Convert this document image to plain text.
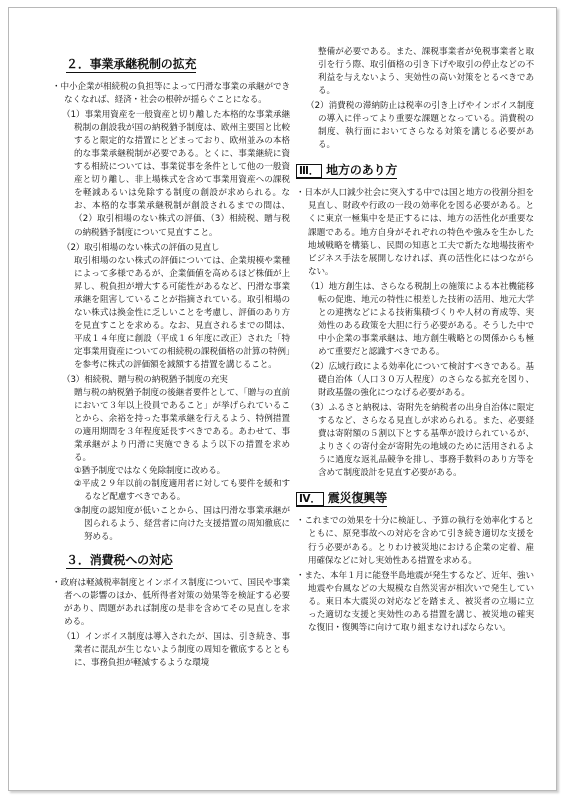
２．事業承継税制の拡充

・中小企業が相続税の負担等によって円滑な事業の承継ができなくなれば、経済・社会の根幹が揺らぐことになる。

（1）事業用資産を一般資産と切り離した本格的な事業承継税制の創設我が国の納税猶予制度は、欧州主要国と比較すると限定的な措置にとどまっており、欧州並みの本格的な事業承継税制が必要である。とくに、事業継続に資する相続については、事業従事を条件として他の一般資産と切り離し、非上場株式を含めて事業用資産への課税を軽減あるいは免除する制度の創設が求められる。なお、本格的な事業承継税制が創設されるまでの間は、（2）取引相場のない株式の評価、（3）相続税、贈与税の納税猶予制度について見直すこと。

（2）取引相場のない株式の評価の見直し

取引相場のない株式の評価については、企業規模や業種によって多様であるが、企業価値を高めるほど株価が上昇し、税負担が増大する可能性があるなど、円滑な事業承継を阻害していることが指摘されている。取引相場のない株式は換金性に乏しいことを考慮し、評価のあり方を見直すことを求める。なお、見直されるまでの間は、平成１４年度に創設（平成１６年度に改正）された「特定事業用資産についての相続税の課税価格の計算の特例」を参考に株式の評価額を減額する措置を講じること。

（3）相続税、贈与税の納税猶予制度の充実

贈与税の納税猶予制度の後継者要件として、「贈与の直前において３年以上役員であること」が挙げられていることから、余裕を持った事業承継を行えるよう、特例措置の適用期間を３年程度延長すべきである。あわせて、事業承継がより円滑に実施できるよう以下の措置を求める。

①猶予制度ではなく免除制度に改める。

②平成２９年以前の制度適用者に対しても要件を緩和するなど配慮すべきである。

③制度の認知度が低いことから、国は円滑な事業承継が図られるよう、経営者に向けた支援措置の周知徹底に努める。

３．消費税への対応

・政府は軽減税率制度とインボイス制度について、国民や事業者への影響のほか、低所得者対策の効果等を検証する必要があり、問題があれば制度の是非を含めてその見直しを求める。

（1）インボイス制度は導入されたが、国は、引き続き、事業者に混乱が生じないよう制度の周知を徹底するとともに、事務負担が軽減するような環境

整備が必要である。また、課税事業者が免税事業者と取引を行う際、取引価格の引き下げや取引の停止などの不利益を与えないよう、実効性の高い対策をとるべきである。

（2）消費税の滞納防止は税率の引き上げやインボイス制度の導入に伴ってより重要な課題となっている。消費税の制度、執行面においてさらなる対策を講じる必要がある。

Ⅲ． 地方のあり方

・日本が人口減少社会に突入する中では国と地方の役割分担を見直し、財政や行政の一段の効率化を図る必要がある。とくに東京一極集中を是正するには、地方の活性化が重要な課題である。地方自身がそれぞれの特色や強みを生かした地域戦略を構築し、民間の知恵と工夫で新たな地場技術やビジネス手法を展開しなければ、真の活性化にはつながらない。

（1）地方創生は、さらなる税制上の施策による本社機能移転の促進、地元の特性に根差した技術の活用、地元大学との連携などによる技術集積づくりや人材の育成等、実効性のある政策を大胆に行う必要がある。そうした中で中小企業の事業承継は、地方創生戦略との関係からも極めて重要だと認識すべきである。

（2）広域行政による効率化について検討すべきである。基礎自治体（人口３０万人程度）のさらなる拡充を図り、財政基盤の強化につなげる必要がある。

（3）ふるさと納税は、寄附先を納税者の出身自治体に限定するなど、さらなる見直しが求められる。また、必要経費は寄附額の５割以下とする基準が設けられているが、よりさくの寄付金が寄附先の地域のために活用されるように過度な返礼品競争を排し、事務手数料のあり方等を含めて制度設計を見直す必要がある。

Ⅳ． 震災復興等

・これまでの効果を十分に検証し、予算の執行を効率化するとともに、原発事故への対応を含めて引き続き適切な支援を行う必要がある。とりわけ被災地における企業の定着、雇用確保などに対し実効性ある措置を求める。

・また、本年１月に能登半島地震が発生するなど、近年、強い地震や台風などの大規模な自然災害が相次いで発生している。東日本大震災の対応などを踏まえ、被災者の立場に立った適切な支援と実効性のある措置を講じ、被災地の確実な復旧・復興等に向けて取り組まなければならない。
